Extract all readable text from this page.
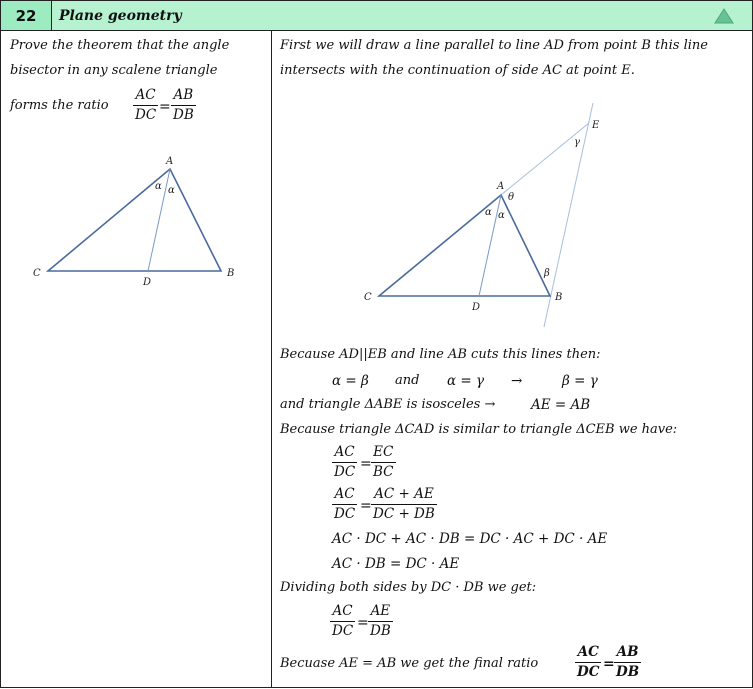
22	Plane geometry
Prove the theorem that the angle
bisector in any scalene triangle
forms the ratio $\frac{AC}{DC} = \frac{AB}{DB}$
A
B
C
D
α α
First we will draw a line parallel to line AD from point B this line
intersects with the continuation of side AC at point E.
A
B
C
D
E
α α
θ
β
γ
Because AD||EB and line AB cuts this lines then:
α = β and α = γ →	β = γ
and triangle ΔABE is isosceles →	AE = AB
Because triangle ΔCAD is similar to triangle ΔCEB we have:
$\frac{AC}{DC} = \frac{EC}{BC}$
$\frac{AC}{DC} = \frac{AC + AE}{DC + DB}$
AC · DC + AC · DB = DC · AC + DC · AE
AC · DB = DC · AE
Dividing both sides by DC · DB we get:
$\frac{AC}{DC} = \frac{AE}{DB}$
Becuase AE = AB we get the final ratio	$\frac{AC}{DC} = \frac{AB}{DB}$
